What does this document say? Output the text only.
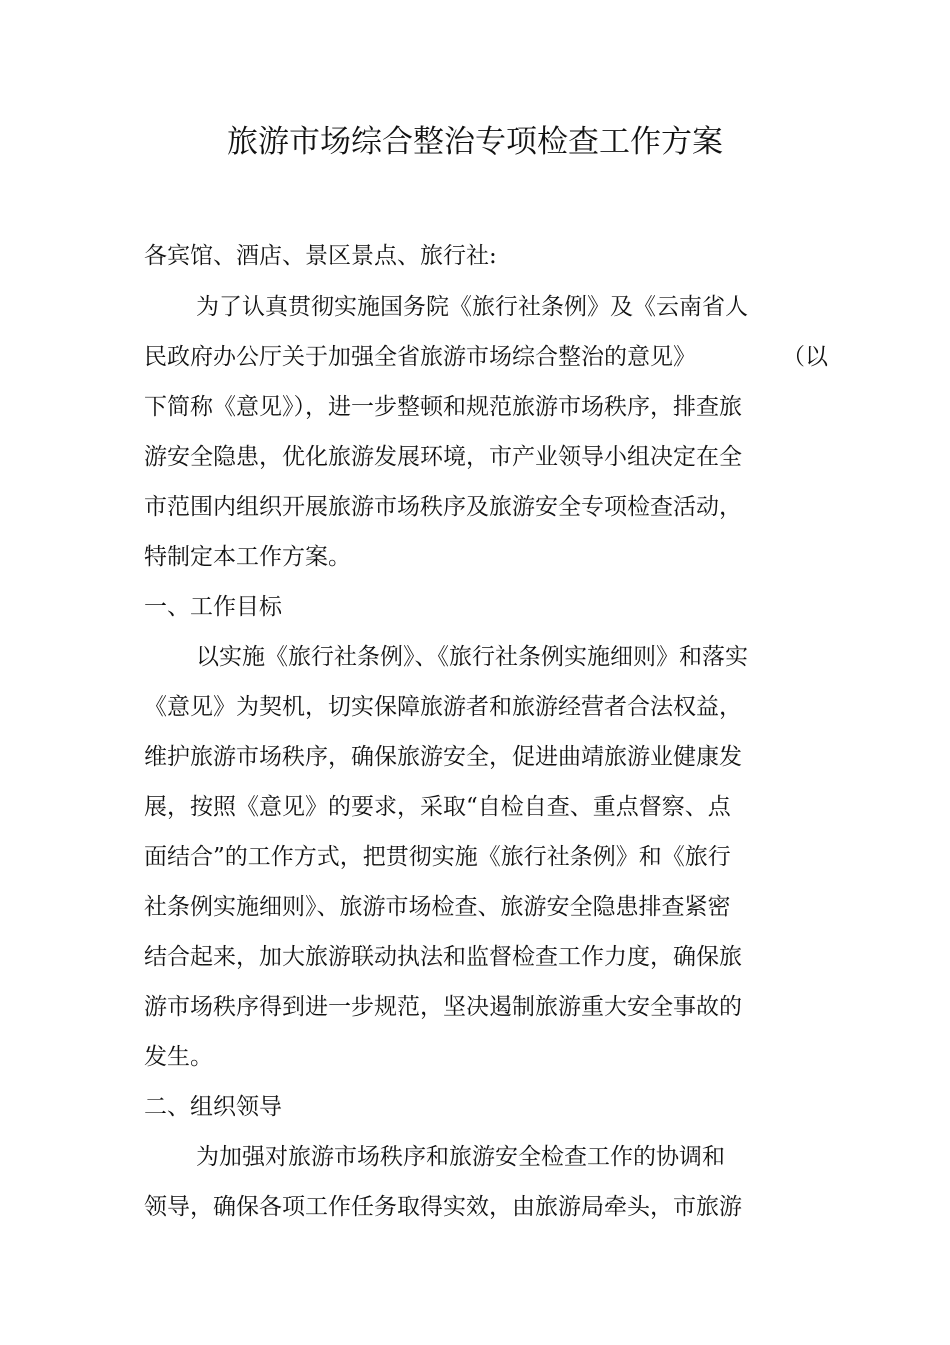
旅游市场综合整治专项检查工作方案
各宾馆、酒店、景区景点、旅行社:
为了认真贯彻实施国务院《旅行社条例》及《云南省人
民政府办公厅关于加强全省旅游市场综合整治的意见》	（以
下简称《意见》），进一步整顿和规范旅游市场秩序，排查旅
游安全隐患，优化旅游发展环境，市产业领导小组决定在全
市范围内组织开展旅游市场秩序及旅游安全专项检查活动，
特制定本工作方案。
一、工作目标
以实施《旅行社条例》、《旅行社条例实施细则》和落实
《意见》为契机，切实保障旅游者和旅游经营者合法权益，
维护旅游市场秩序，确保旅游安全，促进曲靖旅游业健康发
展，按照《意见》的要求，采取“自检自查、重点督察、点
面结合”的工作方式，把贯彻实施《旅行社条例》和《旅行
社条例实施细则》、旅游市场检查、旅游安全隐患排查紧密
结合起来，加大旅游联动执法和监督检查工作力度，确保旅
游市场秩序得到进一步规范，坚决遏制旅游重大安全事故的
发生。
二、组织领导
为加强对旅游市场秩序和旅游安全检查工作的协调和
领导，确保各项工作任务取得实效，由旅游局牵头，市旅游
